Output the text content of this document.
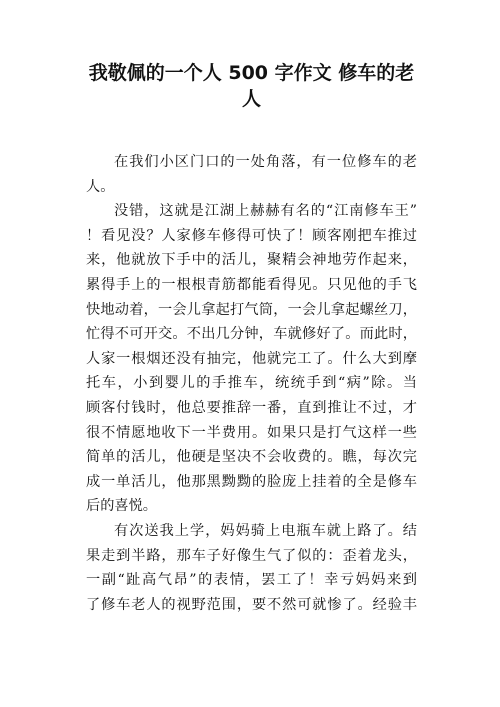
我敬佩的一个人 500 字作文 修车的老
人
在我们小区门口的一处角落，有一位修车的老
人。
没错，这就是江湖上赫赫有名的“江南修车王”
！看见没？人家修车修得可快了！顾客刚把车推过
来，他就放下手中的活儿，聚精会神地劳作起来，
累得手上的一根根青筋都能看得见。只见他的手飞
快地动着，一会儿拿起打气筒，一会儿拿起螺丝刀，
忙得不可开交。不出几分钟，车就修好了。而此时，
人家一根烟还没有抽完，他就完工了。什么大到摩
托车，小到婴儿的手推车，统统手到“病”除。当
顾客付钱时，他总要推辞一番，直到推让不过，才
很不情愿地收下一半费用。如果只是打气这样一些
简单的活儿，他硬是坚决不会收费的。瞧，每次完
成一单活儿，他那黑黝黝的脸庞上挂着的全是修车
后的喜悦。
有次送我上学，妈妈骑上电瓶车就上路了。结
果走到半路，那车子好像生气了似的：歪着龙头，
一副“趾高气昂”的表情，罢工了！幸亏妈妈来到
了修车老人的视野范围，要不然可就惨了。经验丰
